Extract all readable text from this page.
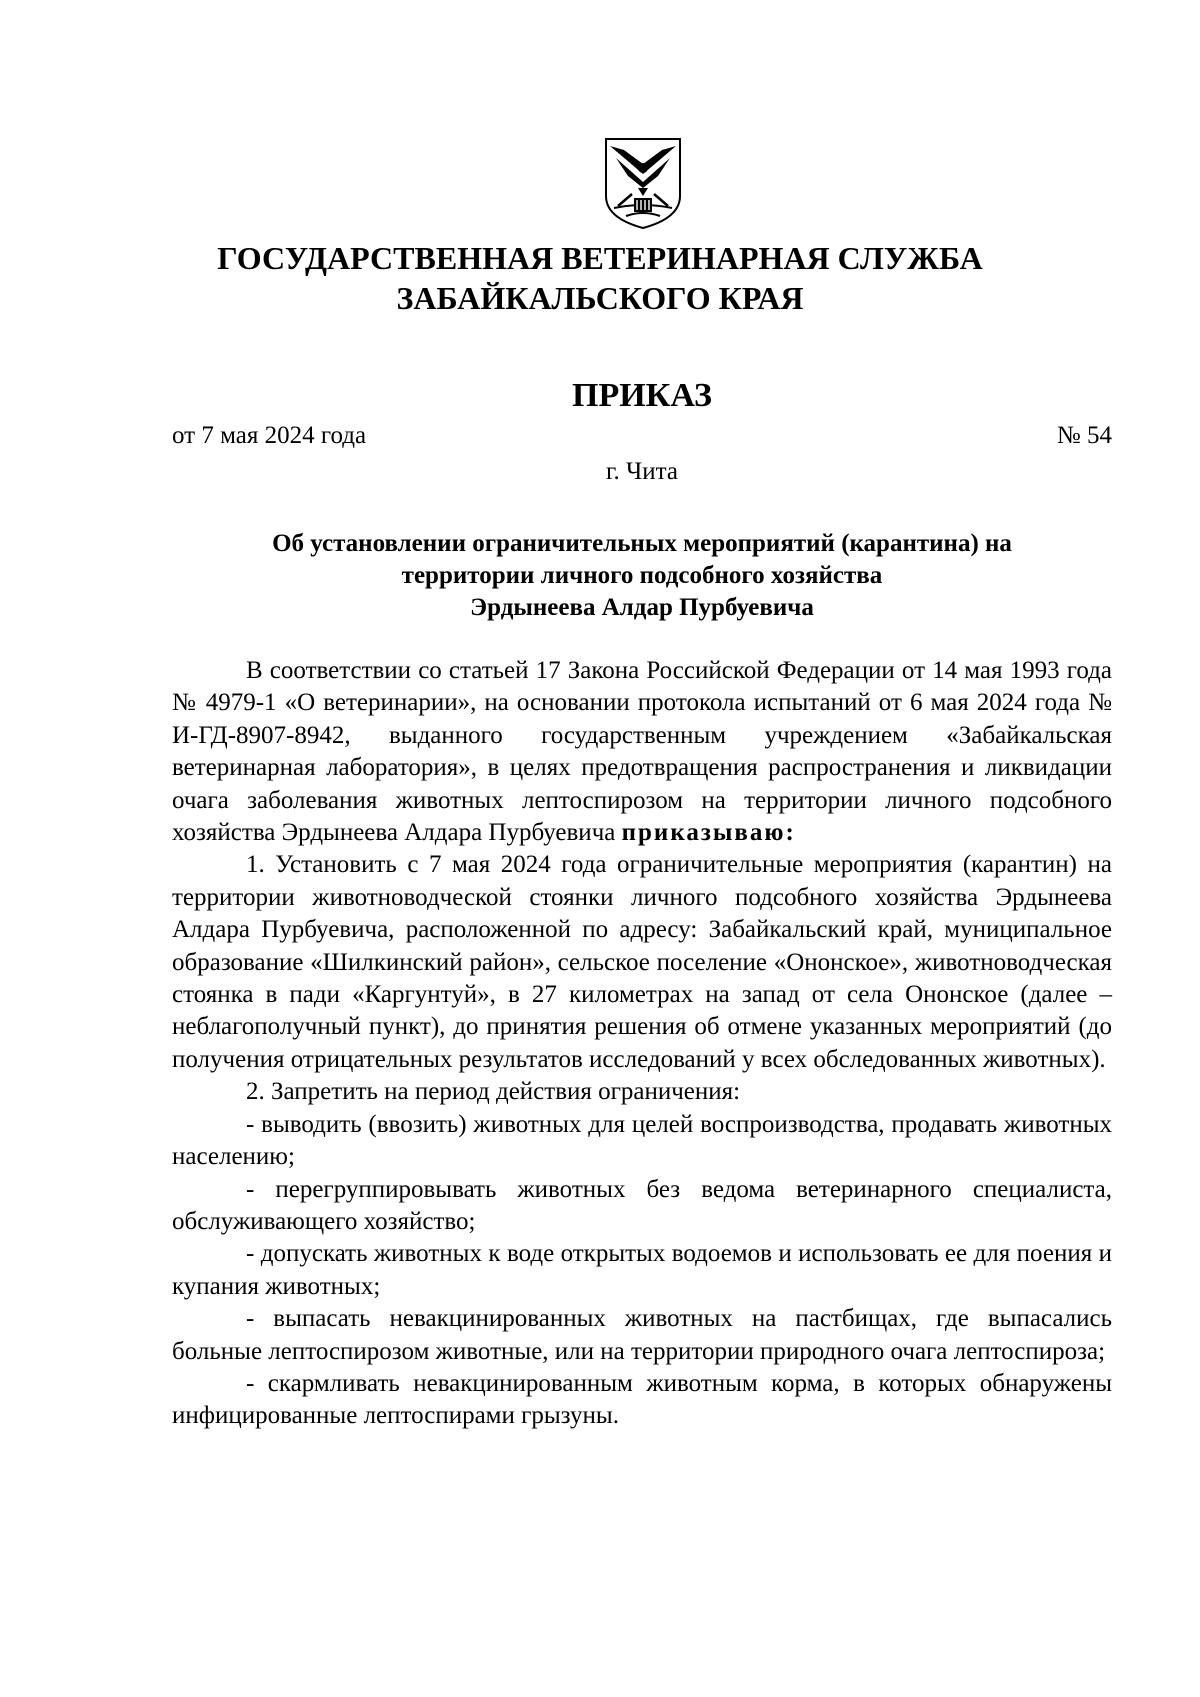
ГОСУДАРСТВЕННАЯ ВЕТЕРИНАРНАЯ СЛУЖБА
ЗАБАЙКАЛЬСКОГО КРАЯ
ПРИКАЗ
от 7 мая 2024 года	№ 54
г. Чита
Об установлении ограничительных мероприятий (карантина) на
территории личного подсобного хозяйства
Эрдынеева Алдар Пурбуевича

В соответствии со статьей 17 Закона Российской Федерации от 14 мая 1993 года № 4979-1 «О ветеринарии», на основании протокола испытаний от 6 мая 2024 года № И-ГД-8907-8942, выданного государственным учреждением «Забайкальская ветеринарная лаборатория», в целях предотвращения распространения и ликвидации очага заболевания животных лептоспирозом на территории личного подсобного хозяйства Эрдынеева Алдара Пурбуевича приказываю:

1. Установить с 7 мая 2024 года ограничительные мероприятия (карантин) на территории животноводческой стоянки личного подсобного хозяйства Эрдынеева Алдара Пурбуевича, расположенной по адресу: Забайкальский край, муниципальное образование «Шилкинский район», сельское поселение «Ононское», животноводческая стоянка в пади «Каргунтуй», в 27 километрах на запад от села Ононское (далее – неблагополучный пункт), до принятия решения об отмене указанных мероприятий (до получения отрицательных результатов исследований у всех обследованных животных).

2. Запретить на период действия ограничения:

- выводить (ввозить) животных для целей воспроизводства, продавать животных населению;

- перегруппировывать животных без ведома ветеринарного специалиста, обслуживающего хозяйство;

- допускать животных к воде открытых водоемов и использовать ее для поения и купания животных;

- выпасать невакцинированных животных на пастбищах, где выпасались больные лептоспирозом животные, или на территории природного очага лептоспироза;

- скармливать невакцинированным животным корма, в которых обнаружены инфицированные лептоспирами грызуны.
